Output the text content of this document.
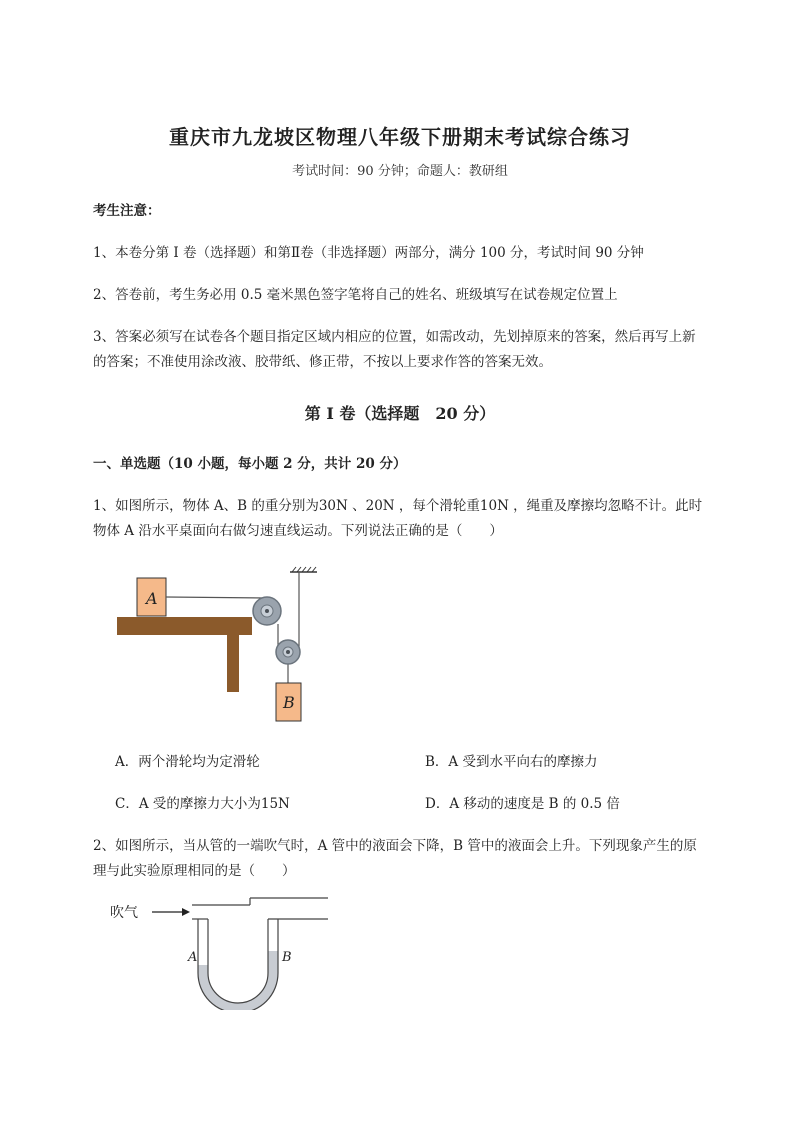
重庆市九龙坡区物理八年级下册期末考试综合练习
考试时间：90 分钟；命题人：教研组
考生注意：
1、本卷分第 I 卷（选择题）和第Ⅱ卷（非选择题）两部分，满分 100 分，考试时间 90 分钟
2、答卷前，考生务必用 0.5 毫米黑色签字笔将自己的姓名、班级填写在试卷规定位置上
3、答案必须写在试卷各个题目指定区域内相应的位置，如需改动，先划掉原来的答案，然后再写上新
的答案；不准使用涂改液、胶带纸、修正带，不按以上要求作答的答案无效。
第 I 卷（选择题　20 分）
一、单选题（10 小题，每小题 2 分，共计 20 分）
1、如图所示，物体 A、B 的重分别为30N 、20N ，每个滑轮重10N ，绳重及摩擦均忽略不计。此时
物体 A 沿水平桌面向右做匀速直线运动。下列说法正确的是（　　）
A
B
A．两个滑轮均为定滑轮	B．A 受到水平向右的摩擦力
C．A 受的摩擦力大小为15N	D．A 移动的速度是 B 的 0.5 倍
2、如图所示，当从管的一端吹气时，A 管中的液面会下降，B 管中的液面会上升。下列现象产生的原
理与此实验原理相同的是（　　）
吹气
A	B
